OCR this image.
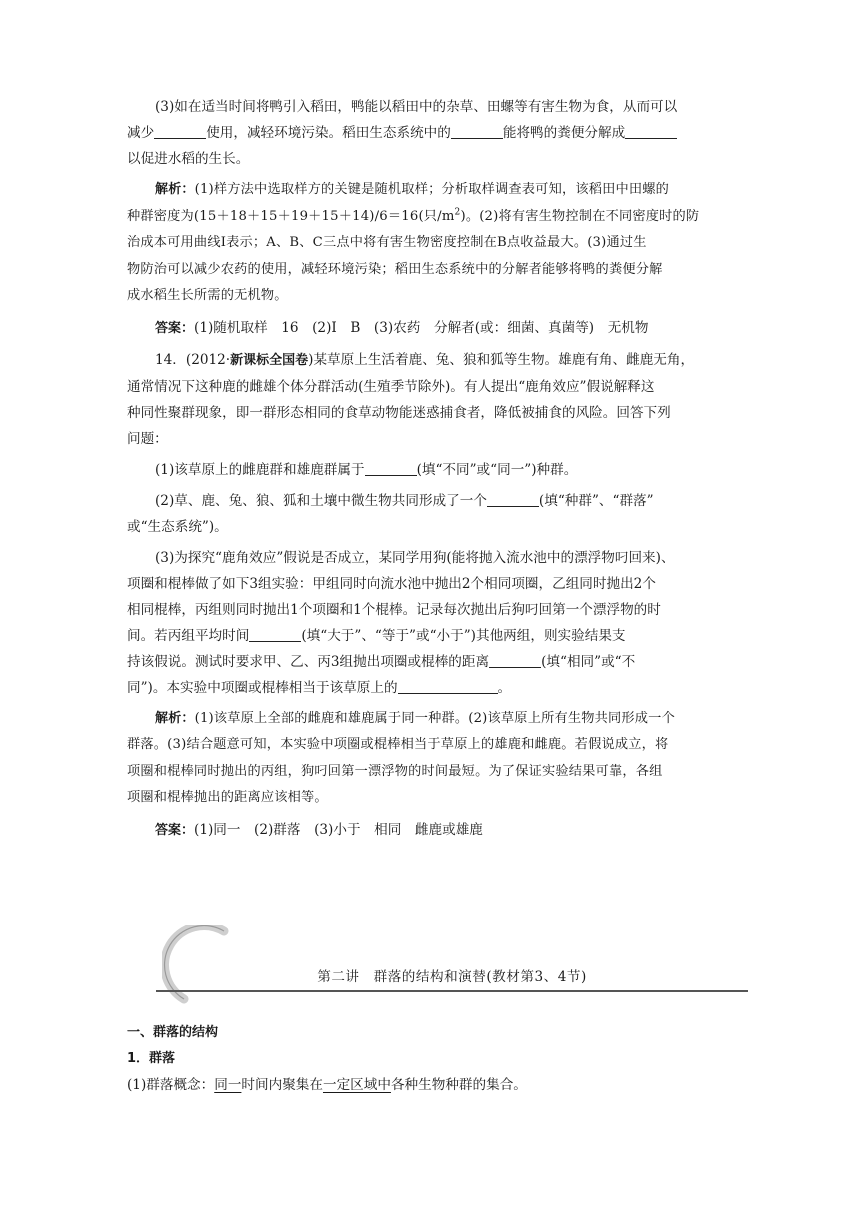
(3)如在适当时间将鸭引入稻田，鸭能以稻田中的杂草、田螺等有害生物为食，从而可以

减少	使用，减轻环境污染。稻田生态系统中的	能将鸭的粪便分解成

以促进水稻的生长。

解析：(1)样方法中选取样方的关键是随机取样；分析取样调查表可知，该稻田中田螺的

种群密度为(15＋18＋15＋19＋15＋14)/6＝16(只$/m^2$)。(2)将有害生物控制在不同密度时的防

治成本可用曲线Ⅰ表示；A、B、C三点中将有害生物密度控制在B点收益最大。(3)通过生

物防治可以减少农药的使用，减轻环境污染；稻田生态系统中的分解者能够将鸭的粪便分解

成水稻生长所需的无机物。

答案：(1)随机取样　16　(2)Ⅰ　B　(3)农药　分解者(或：细菌、真菌等)　无机物

14．(2012·新课标全国卷)某草原上生活着鹿、兔、狼和狐等生物。雄鹿有角、雌鹿无角，

通常情况下这种鹿的雌雄个体分群活动(生殖季节除外)。有人提出“鹿角效应”假说解释这

种同性聚群现象，即一群形态相同的食草动物能迷惑捕食者，降低被捕食的风险。回答下列

问题：

(1)该草原上的雌鹿群和雄鹿群属于	(填“不同”或“同一”)种群。

(2)草、鹿、兔、狼、狐和土壤中微生物共同形成了一个	(填“种群”、“群落”

或“生态系统”)。

(3)为探究“鹿角效应”假说是否成立，某同学用狗(能将抛入流水池中的漂浮物叼回来)、

项圈和棍棒做了如下3组实验：甲组同时向流水池中抛出2个相同项圈，乙组同时抛出2个

相同棍棒，丙组则同时抛出1个项圈和1个棍棒。记录每次抛出后狗叼回第一个漂浮物的时

间。若丙组平均时间	(填“大于”、“等于”或“小于”)其他两组，则实验结果支

持该假说。测试时要求甲、乙、丙3组抛出项圈或棍棒的距离	(填“相同”或“不

同”)。本实验中项圈或棍棒相当于该草原上的	。

解析：(1)该草原上全部的雌鹿和雄鹿属于同一种群。(2)该草原上所有生物共同形成一个

群落。(3)结合题意可知，本实验中项圈或棍棒相当于草原上的雄鹿和雌鹿。若假说成立，将

项圈和棍棒同时抛出的丙组，狗叼回第一漂浮物的时间最短。为了保证实验结果可靠，各组

项圈和棍棒抛出的距离应该相等。

答案：(1)同一　(2)群落　(3)小于　相同　雌鹿或雄鹿

第二讲　群落的结构和演替(教材第3、4节)

一、群落的结构

1．群落

(1)群落概念：同一时间内聚集在一定区域中各种生物种群的集合。
